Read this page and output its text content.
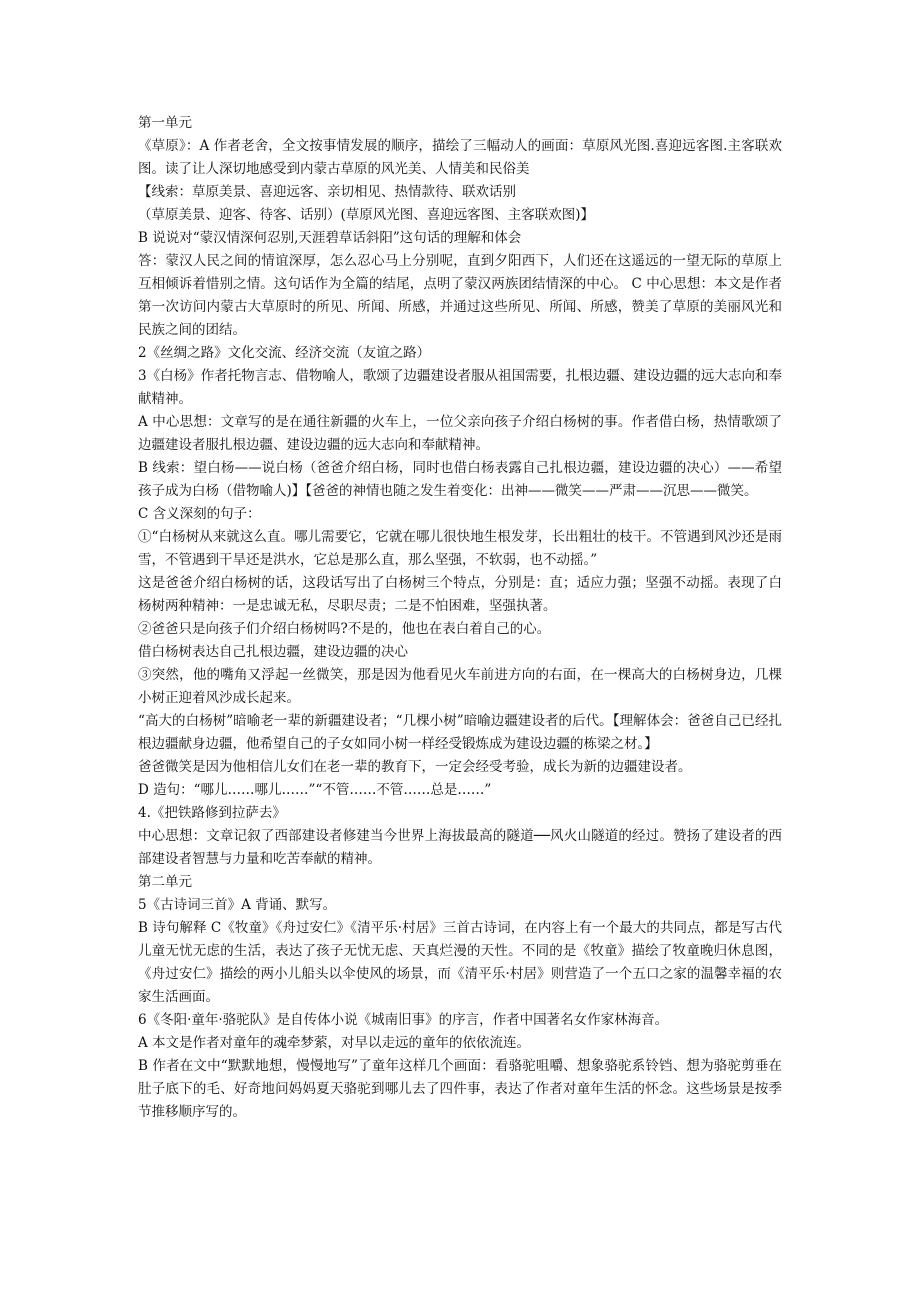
第一单元

《草原》：A 作者老舍，全文按事情发展的顺序，描绘了三幅动人的画面：草原风光图.喜迎远客图.主客联欢图。读了让人深切地感受到内蒙古草原的风光美、人情美和民俗美

【线索：草原美景、喜迎远客、亲切相见、热情款待、联欢话别

（草原美景、迎客、待客、话别）(草原风光图、喜迎远客图、主客联欢图)】

B 说说对“蒙汉情深何忍别,天涯碧草话斜阳”这句话的理解和体会

答：蒙汉人民之间的情谊深厚，怎么忍心马上分别呢，直到夕阳西下，人们还在这遥远的一望无际的草原上互相倾诉着惜别之情。这句话作为全篇的结尾，点明了蒙汉两族团结情深的中心。 C 中心思想：本文是作者第一次访问内蒙古大草原时的所见、所闻、所感，并通过这些所见、所闻、所感，赞美了草原的美丽风光和民族之间的团结。

2《丝绸之路》文化交流、经济交流（友谊之路）

3《白杨》作者托物言志、借物喻人，歌颂了边疆建设者服从祖国需要，扎根边疆、建设边疆的远大志向和奉献精神。

A 中心思想：文章写的是在通往新疆的火车上，一位父亲向孩子介绍白杨树的事。作者借白杨，热情歌颂了边疆建设者服扎根边疆、建设边疆的远大志向和奉献精神。

B 线索：望白杨——说白杨（爸爸介绍白杨，同时也借白杨表露自己扎根边疆，建设边疆的决心）——希望孩子成为白杨（借物喻人)】【爸爸的神情也随之发生着变化：出神——微笑——严肃——沉思——微笑。

C 含义深刻的句子：

①“白杨树从来就这么直。哪儿需要它，它就在哪儿很快地生根发芽，长出粗壮的枝干。不管遇到风沙还是雨雪，不管遇到干旱还是洪水，它总是那么直，那么坚强，不软弱，也不动摇。”

这是爸爸介绍白杨树的话，这段话写出了白杨树三个特点，分别是：直；适应力强；坚强不动摇。表现了白杨树两种精神：一是忠诚无私，尽职尽责；二是不怕困难，坚强执著。

②爸爸只是向孩子们介绍白杨树吗?不是的，他也在表白着自己的心。

借白杨树表达自己扎根边疆，建设边疆的决心

③突然，他的嘴角又浮起一丝微笑，那是因为他看见火车前进方向的右面，在一棵高大的白杨树身边，几棵小树正迎着风沙成长起来。

“高大的白杨树”暗喻老一辈的新疆建设者；“几棵小树”暗喻边疆建设者的后代。【理解体会：爸爸自己已经扎根边疆献身边疆，他希望自己的子女如同小树一样经受锻炼成为建设边疆的栋梁之材。】

爸爸微笑是因为他相信儿女们在老一辈的教育下，一定会经受考验，成长为新的边疆建设者。

D 造句：“哪儿……哪儿……”“不管……不管……总是……”

4.《把铁路修到拉萨去》

中心思想：文章记叙了西部建设者修建当今世界上海拔最高的隧道──风火山隧道的经过。赞扬了建设者的西部建设者智慧与力量和吃苦奉献的精神。

第二单元

5《古诗词三首》A 背诵、默写。

B 诗句解释 C《牧童》《舟过安仁》《清平乐·村居》三首古诗词，在内容上有一个最大的共同点，都是写古代儿童无忧无虑的生活，表达了孩子无忧无虑、天真烂漫的天性。不同的是《牧童》描绘了牧童晚归休息图，《舟过安仁》描绘的两小儿船头以伞使风的场景，而《清平乐·村居》则营造了一个五口之家的温馨幸福的农家生活画面。

6《冬阳·童年·骆驼队》是自传体小说《城南旧事》的序言，作者中国著名女作家林海音。

A 本文是作者对童年的魂牵梦萦，对早以走远的童年的依依流连。

B 作者在文中“默默地想，慢慢地写”了童年这样几个画面：看骆驼咀嚼、想象骆驼系铃铛、想为骆驼剪垂在肚子底下的毛、好奇地问妈妈夏天骆驼到哪儿去了四件事，表达了作者对童年生活的怀念。这些场景是按季节推移顺序写的。
